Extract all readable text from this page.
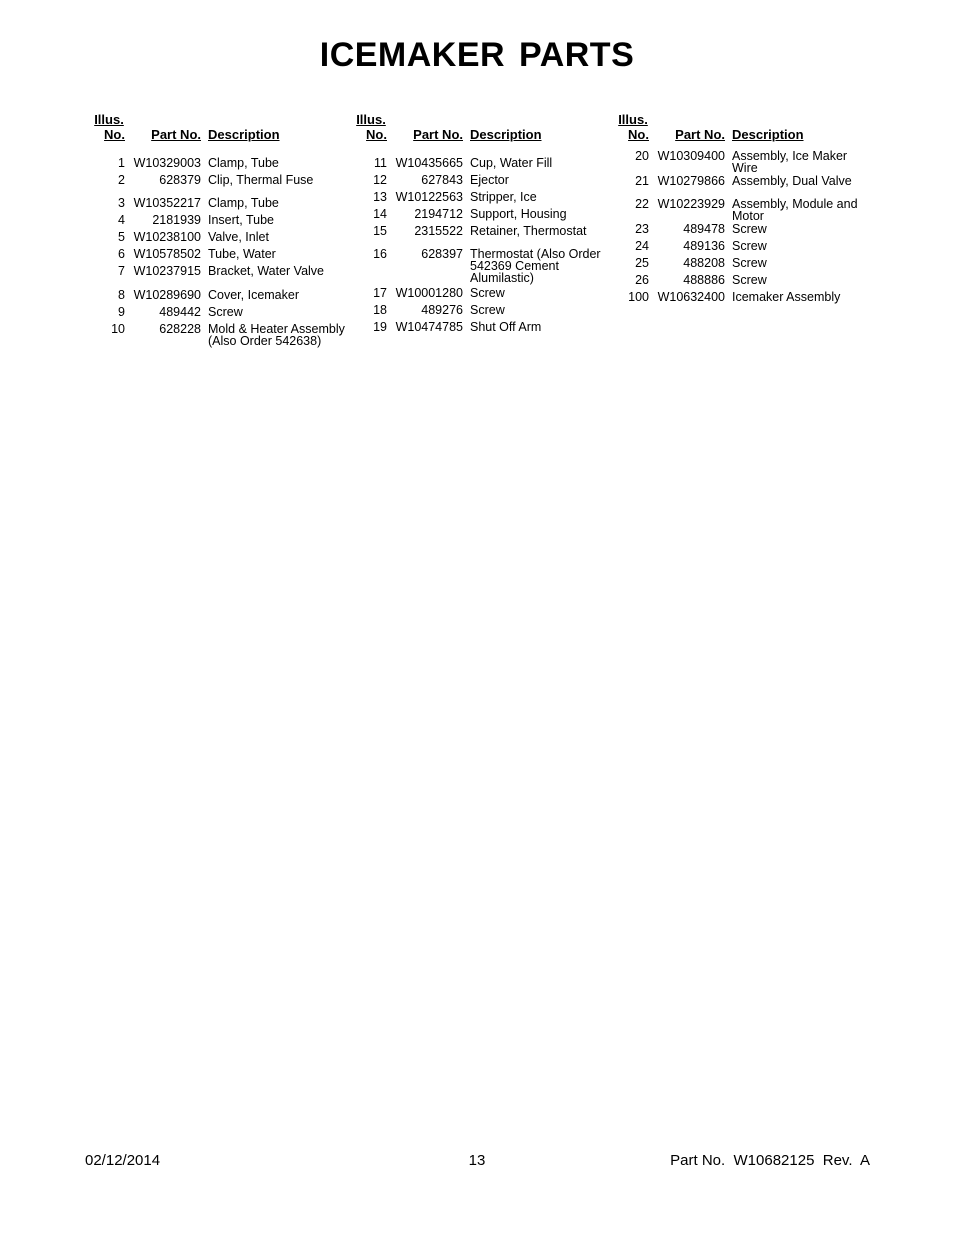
ICEMAKER PARTS
Illus.
No.	Part No. Description
1 W10329003 Clamp, Tube
2	628379 Clip, Thermal Fuse
3 W10352217 Clamp, Tube
4	2181939 Insert, Tube
5 W10238100 Valve, Inlet
6 W10578502 Tube, Water
7 W10237915 Bracket, Water Valve
8 W10289690 Cover, Icemaker
9	489442 Screw
10	628228 Mold & Heater Assembly (Also Order 542638)
Illus.
No.	Part No. Description
11 W10435665 Cup, Water Fill
12	627843 Ejector
13 W10122563 Stripper, Ice
14	2194712 Support, Housing
15	2315522 Retainer, Thermostat
16	628397 Thermostat (Also Order 542369 Cement Alumilastic)
17 W10001280 Screw
18	489276 Screw
19 W10474785 Shut Off Arm
Illus.
No.	Part No. Description
20 W10309400 Assembly, Ice Maker Wire
21 W10279866 Assembly, Dual Valve
22 W10223929 Assembly, Module and Motor
23	489478 Screw
24	489136 Screw
25	488208 Screw
26	488886 Screw
100 W10632400 Icemaker Assembly
02/12/2014	13	Part No.  W10682125  Rev.  A
